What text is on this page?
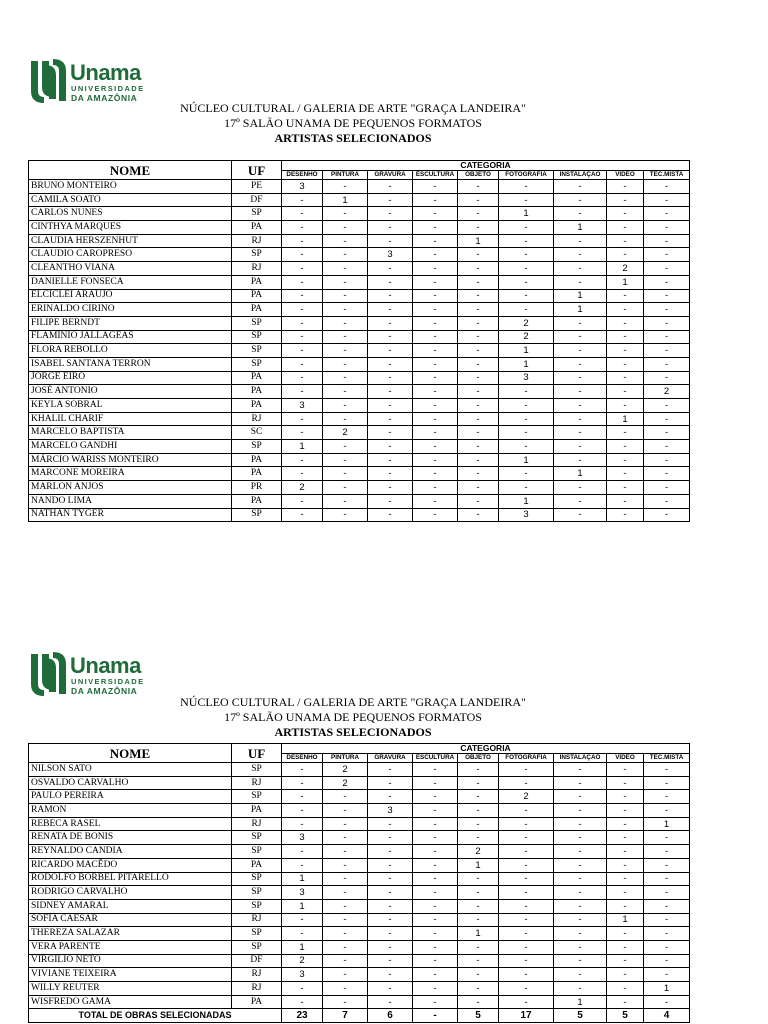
Unama
UNIVERSIDADE
DA AMAZÔNIA
NÚCLEO CULTURAL / GALERIA DE ARTE "GRAÇA LANDEIRA"
17º SALÃO UNAMA DE PEQUENOS FORMATOS
ARTISTAS SELECIONADOS
NOME	UF	CATEGORIA								
		DESENHO	PINTURA	GRAVURA	ESCULTURA	OBJETO	FOTOGRAFIA	INSTALAÇAO	VIDEO	TEC.MISTA
BRUNO MONTEIRO	PE	3	-	-	-	-	-	-	-	-
CAMILA SOATO	DF	-	1	-	-	-	-	-	-	-
CARLOS NUNES	SP	-	-	-	-	-	1	-	-	-
CINTHYA MARQUES	PA	-	-	-	-	-	-	1	-	-
CLAUDIA HERSZENHUT	RJ	-	-	-	-	1	-	-	-	-
CLAUDIO CAROPRESO	SP	-	-	3	-	-	-	-	-	-
CLEANTHO VIANA	RJ	-	-	-	-	-	-	-	2	-
DANIELLE FONSECA	PA	-	-	-	-	-	-	-	1	-
ELCICLEI ARAUJO	PA	-	-	-	-	-	-	1	-	-
ERINALDO CIRINO	PA	-	-	-	-	-	-	1	-	-
FILIPE BERNDT	SP	-	-	-	-	-	2	-	-	-
FLAMÍNIO JALLAGEAS	SP	-	-	-	-	-	2	-	-	-
FLORA REBOLLO	SP	-	-	-	-	-	1	-	-	-
ISABEL SANTANA TERRON	SP	-	-	-	-	-	1	-	-	-
JORGE EIRÓ	PA	-	-	-	-	-	3	-	-	-
JOSÉ ANTONIO	PA	-	-	-	-	-	-	-	-	2
KEYLA SOBRAL	PA	3	-	-	-	-	-	-	-	-
KHALIL CHARIF	RJ	-	-	-	-	-	-	-	1	-
MARCELO BAPTISTA	SC	-	2	-	-	-	-	-	-	-
MARCELO GANDHI	SP	1	-	-	-	-	-	-	-	-
MÁRCIO WARISS MONTEIRO	PA	-	-	-	-	-	1	-	-	-
MARCONE MOREIRA	PA	-	-	-	-	-	-	1	-	-
MARLON ANJOS	PR	2	-	-	-	-	-	-	-	-
NANDO LIMA	PA	-	-	-	-	-	1	-	-	-
NATHAN TYGER	SP	-	-	-	-	-	3	-	-	-
Unama
UNIVERSIDADE
DA AMAZÔNIA
NÚCLEO CULTURAL / GALERIA DE ARTE "GRAÇA LANDEIRA"
17º SALÃO UNAMA DE PEQUENOS FORMATOS
ARTISTAS SELECIONADOS
NOME	UF	CATEGORIA								
		DESENHO	PINTURA	GRAVURA	ESCULTURA	OBJETO	FOTOGRAFIA	INSTALAÇAO	VIDEO	TEC.MISTA
NILSON SATO	SP	-	2	-	-	-	-	-	-	-
OSVALDO CARVALHO	RJ	-	2	-	-	-	-	-	-	-
PAULO PEREIRA	SP	-	-	-	-	-	2	-	-	-
RAMON	PA	-	-	3	-	-	-	-	-	-
REBECA RASEL	RJ	-	-	-	-	-	-	-	-	1
RENATA DE BONIS	SP	3	-	-	-	-	-	-	-	-
REYNALDO CANDIA	SP	-	-	-	-	2	-	-	-	-
RICARDO MACÊDO	PA	-	-	-	-	1	-	-	-	-
RODOLFO BORBEL PITARELLO	SP	1	-	-	-	-	-	-	-	-
RODRIGO CARVALHO	SP	3	-	-	-	-	-	-	-	-
SIDNEY AMARAL	SP	1	-	-	-	-	-	-	-	-
SOFIA CAESAR	RJ	-	-	-	-	-	-	-	1	-
THEREZA SALAZAR	SP	-	-	-	-	1	-	-	-	-
VERA PARENTE	SP	1	-	-	-	-	-	-	-	-
VIRGÍLIO NETO	DF	2	-	-	-	-	-	-	-	-
VIVIANE TEIXEIRA	RJ	3	-	-	-	-	-	-	-	-
WILLY REUTER	RJ	-	-	-	-	-	-	-	-	1
WISFREDO GAMA	PA	-	-	-	-	-	-	1	-	-
TOTAL DE OBRAS SELECIONADAS		23	7	6	-	5	17	5	5	4
